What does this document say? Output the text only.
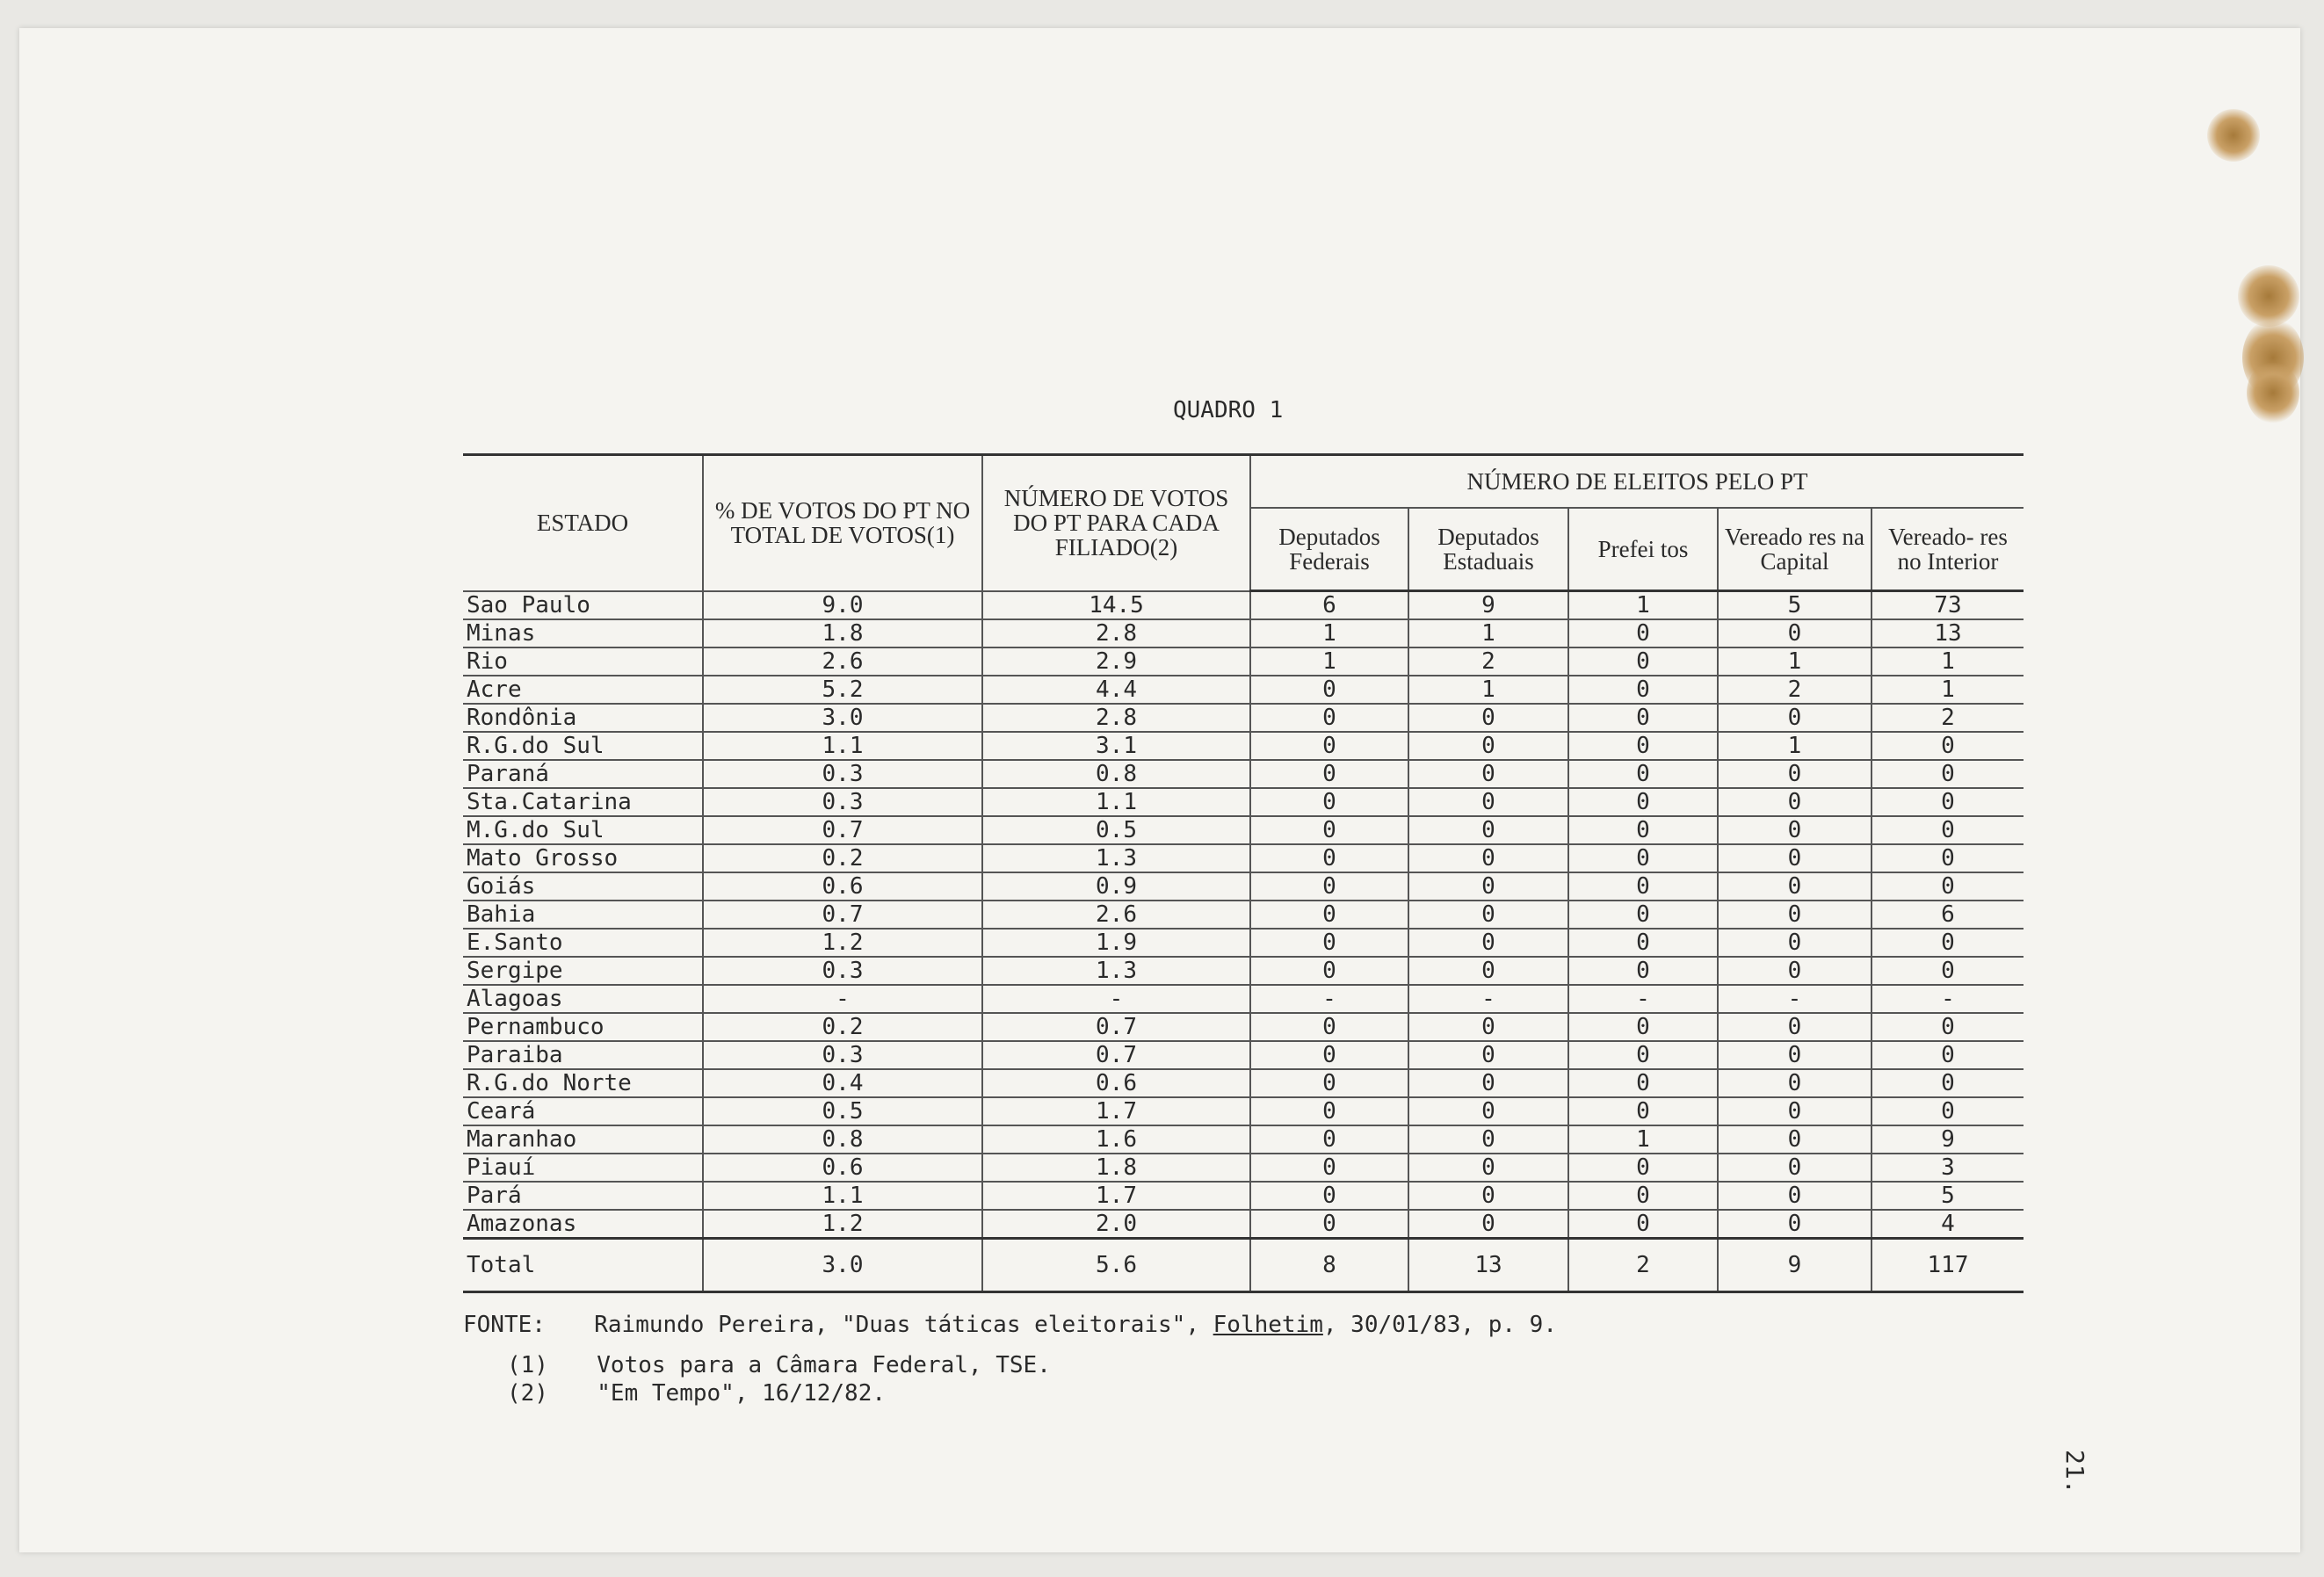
QUADRO 1
ESTADO	% DE VOTOS DO PT NO TOTAL DE VOTOS(1)	NÚMERO DE VOTOS DO PT PARA CADA FILIADO(2)	NÚMERO DE ELEITOS PELO PT				
			Deputados Federais	Deputados Estaduais	Prefei tos	Vereado res na Capital	Vereado- res no Interior
Sao Paulo	9.0	14.5	6	9	1	5	73
Minas	1.8	2.8	1	1	0	0	13
Rio	2.6	2.9	1	2	0	1	1
Acre	5.2	4.4	0	1	0	2	1
Rondônia	3.0	2.8	0	0	0	0	2
R.G.do Sul	1.1	3.1	0	0	0	1	0
Paraná	0.3	0.8	0	0	0	0	0
Sta.Catarina	0.3	1.1	0	0	0	0	0
M.G.do Sul	0.7	0.5	0	0	0	0	0
Mato Grosso	0.2	1.3	0	0	0	0	0
Goiás	0.6	0.9	0	0	0	0	0
Bahia	0.7	2.6	0	0	0	0	6
E.Santo	1.2	1.9	0	0	0	0	0
Sergipe	0.3	1.3	0	0	0	0	0
Alagoas	-	-	-	-	-	-	-
Pernambuco	0.2	0.7	0	0	0	0	0
Paraiba	0.3	0.7	0	0	0	0	0
R.G.do Norte	0.4	0.6	0	0	0	0	0
Ceará	0.5	1.7	0	0	0	0	0
Maranhao	0.8	1.6	0	0	1	0	9
Piauí	0.6	1.8	0	0	0	0	3
Pará	1.1	1.7	0	0	0	0	5
Amazonas	1.2	2.0	0	0	0	0	4
Total	3.0	5.6	8	13	2	9	117
FONTE: Raimundo Pereira, "Duas táticas eleitorais", Folhetim, 30/01/83, p. 9.
(1) Votos para a Câmara Federal, TSE.
(2) "Em Tempo", 16/12/82.
21.
